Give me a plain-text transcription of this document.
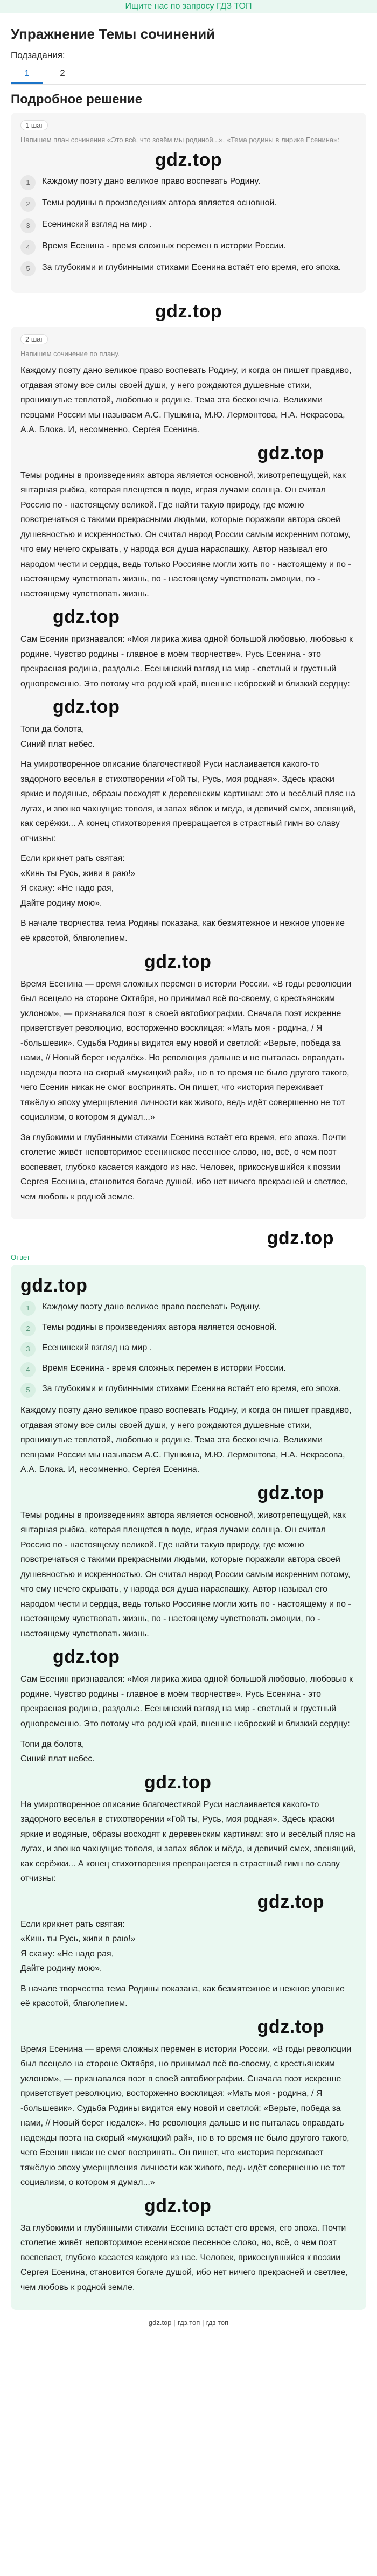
Ищите нас по запросу ГДЗ ТОП
Упражнение Темы сочинений
Подзадания:
1	2
Подробное решение
1 шаг
Напишем план сочинения «Это всё, что зовём мы родиной...», «Тема родины в лирике Есенина»:
gdz.top
1	Каждому поэту дано великое право воспевать Родину.
2	Темы родины в произведениях автора является основной.
3	Есенинский взгляд на мир .
4	Время Есенина - время сложных перемен в истории России.
5	За глубокими и глубинными стихами Есенина встаёт его время, его эпоха.
gdz.top
2 шаг
Напишем сочинение по плану.

Каждому поэту дано великое право воспевать Родину, и когда он пишет правдиво, отдавая этому все силы своей души, у него рождаются душевные стихи, проникнутые теплотой, любовью к родине. Тема эта бесконечна. Великими певцами России мы называем А.С. Пушкина, М.Ю. Лермонтова, Н.А. Некрасова, А.А. Блока. И, несомненно, Сергея Есенина.

gdz.top

Темы родины в произведениях автора является основной, животрепещущей, как янтарная рыбка, которая плещется в воде, играя лучами солнца. Он считал Россию по - настоящему великой. Где найти такую природу, где можно повстречаться с такими прекрасными людьми, которые поражали автора своей душевностью и искренностью. Он считал народ России самым искренним потому, что ему нечего скрывать, у народа вся душа нараспашку. Автор называл его народом чести и сердца, ведь только Россияне могли жить по - настоящему и по - настоящему чувствовать жизнь, по - настоящему чувствовать эмоции, по - настоящему чувствовать жизнь.

gdz.top

Сам Есенин признавался: «Моя лирика жива одной большой любовью, любовью к родине. Чувство родины - главное в моём творчестве». Русь Есенина - это прекрасная родина, раздолье. Есенинский взгляд на мир - светлый и грустный одновременно. Это потому что родной край, внешне неброский и близкий сердцу:

gdz.top
Топи да болота,
Синий плат небес.

На умиротворенное описание благочестивой Руси наслаивается какого-то задорного веселья в стихотворении «Гой ты, Русь, моя родная». Здесь краски яркие и водяные, образы восходят к деревенским картинам: это и весёлый пляс на лугах, и звонко чахнущие тополя, и запах яблок и мёда, и девичий смех, звенящий, как серёжки... А конец стихотворения превращается в страстный гимн во славу отчизны:

Если крикнет рать святая:
«Кинь ты Русь, живи в раю!»
Я скажу: «Не надо рая,
Дайте родину мою».

В начале творчества тема Родины показана, как безмятежное и нежное упоение её красотой, благолепием.

gdz.top

Время Есенина — время сложных перемен в истории России. «В годы революции был всецело на стороне Октября, но принимал всё по-своему, с крестьянским уклоном», — признавался поэт в своей автобиографии. Сначала поэт искренне приветствует революцию, восторженно восклицая: «Мать моя - родина, / Я -большевик». Судьба Родины видится ему новой и светлой: «Верьте, победа за нами, // Новый берег недалёк». Но революция дальше и не пыталась оправдать надежды поэта на скорый «мужицкий рай», но в то время не было другого такого, чего Есенин никак не смог воспринять. Он пишет, что «история переживает тяжёлую эпоху умерщвления личности как живого, ведь идёт совершенно не тот социализм, о котором я думал...»

За глубокими и глубинными стихами Есенина встаёт его время, его эпоха. Почти столетие живёт неповторимое есенинское песенное слово, но, всё, о чем поэт воспевает, глубоко касается каждого из нас. Человек, прикоснувшийся к поэзии Сергея Есенина, становится богаче душой, ибо нет ничего прекрасней и светлее, чем любовь к родной земле.

gdz.top
Ответ
gdz.top
1	Каждому поэту дано великое право воспевать Родину.
2	Темы родины в произведениях автора является основной.
3	Есенинский взгляд на мир .
4	Время Есенина - время сложных перемен в истории России.
5	За глубокими и глубинными стихами Есенина встаёт его время, его эпоха.

Каждому поэту дано великое право воспевать Родину, и когда он пишет правдиво, отдавая этому все силы своей души, у него рождаются душевные стихи, проникнутые теплотой, любовью к родине. Тема эта бесконечна. Великими певцами России мы называем А.С. Пушкина, М.Ю. Лермонтова, Н.А. Некрасова, А.А. Блока. И, несомненно, Сергея Есенина.

gdz.top

Темы родины в произведениях автора является основной, животрепещущей, как янтарная рыбка, которая плещется в воде, играя лучами солнца. Он считал Россию по - настоящему великой. Где найти такую природу, где можно повстречаться с такими прекрасными людьми, которые поражали автора своей душевностью и искренностью. Он считал народ России самым искренним потому, что ему нечего скрывать, у народа вся душа нараспашку. Автор называл его народом чести и сердца, ведь только Россияне могли жить по - настоящему и по - настоящему чувствовать жизнь, по - настоящему чувствовать эмоции, по - настоящему чувствовать жизнь.

gdz.top

Сам Есенин признавался: «Моя лирика жива одной большой любовью, любовью к родине. Чувство родины - главное в моём творчестве». Русь Есенина - это прекрасная родина, раздолье. Есенинский взгляд на мир - светлый и грустный одновременно. Это потому что родной край, внешне неброский и близкий сердцу:

Топи да болота,
Синий плат небес.
gdz.top

На умиротворенное описание благочестивой Руси наслаивается какого-то задорного веселья в стихотворении «Гой ты, Русь, моя родная». Здесь краски яркие и водяные, образы восходят к деревенским картинам: это и весёлый пляс на лугах, и звонко чахнущие тополя, и запах яблок и мёда, и девичий смех, звенящий, как серёжки... А конец стихотворения превращается в страстный гимн во славу отчизны:

gdz.top
Если крикнет рать святая:
«Кинь ты Русь, живи в раю!»
Я скажу: «Не надо рая,
Дайте родину мою».

В начале творчества тема Родины показана, как безмятежное и нежное упоение её красотой, благолепием.

gdz.top

Время Есенина — время сложных перемен в истории России. «В годы революции был всецело на стороне Октября, но принимал всё по-своему, с крестьянским уклоном», — признавался поэт в своей автобиографии. Сначала поэт искренне приветствует революцию, восторженно восклицая: «Мать моя - родина, / Я -большевик». Судьба Родины видится ему новой и светлой: «Верьте, победа за нами, // Новый берег недалёк». Но революция дальше и не пыталась оправдать надежды поэта на скорый «мужицкий рай», но в то время не было другого такого, чего Есенин никак не смог воспринять. Он пишет, что «история переживает тяжёлую эпоху умерщвления личности как живого, ведь идёт совершенно не тот социализм, о котором я думал...»

gdz.top

За глубокими и глубинными стихами Есенина встаёт его время, его эпоха. Почти столетие живёт неповторимое есенинское песенное слово, но, всё, о чем поэт воспевает, глубоко касается каждого из нас. Человек, прикоснувшийся к поэзии Сергея Есенина, становится богаче душой, ибо нет ничего прекрасней и светлее, чем любовь к родной земле.

gdz.top | гдз.топ | гдз топ
